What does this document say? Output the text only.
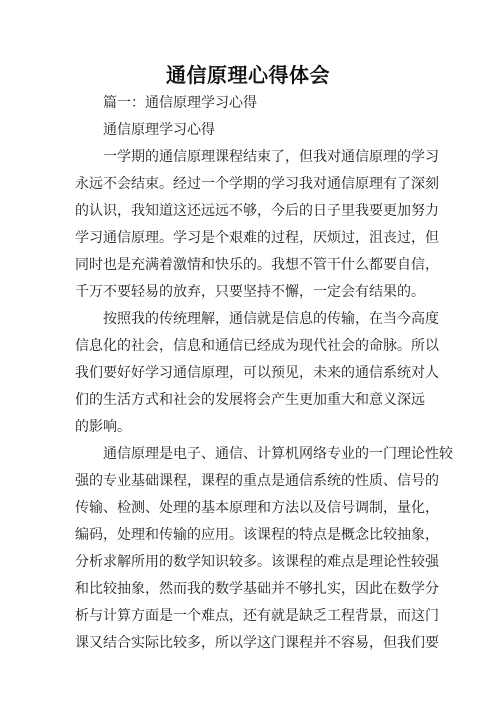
通信原理心得体会
篇一：通信原理学习心得
通信原理学习心得
一学期的通信原理课程结束了，但我对通信原理的学习
永远不会结束。经过一个学期的学习我对通信原理有了深刻
的认识，我知道这还远远不够，今后的日子里我要更加努力
学习通信原理。学习是个艰难的过程，厌烦过，沮丧过，但
同时也是充满着激情和快乐的。我想不管干什么都要自信，
千万不要轻易的放弃，只要坚持不懈，一定会有结果的。
按照我的传统理解，通信就是信息的传输，在当今高度
信息化的社会，信息和通信已经成为现代社会的命脉。所以
我们要好好学习通信原理，可以预见，未来的通信系统对人
们的生活方式和社会的发展将会产生更加重大和意义深远
的影响。
通信原理是电子、通信、计算机网络专业的一门理论性较
强的专业基础课程，课程的重点是通信系统的性质、信号的
传输、检测、处理的基本原理和方法以及信号调制，量化，
编码，处理和传输的应用。该课程的特点是概念比较抽象，
分析求解所用的数学知识较多。该课程的难点是理论性较强
和比较抽象，然而我的数学基础并不够扎实，因此在数学分
析与计算方面是一个难点，还有就是缺乏工程背景，而这门
课又结合实际比较多，所以学这门课程并不容易，但我们要
